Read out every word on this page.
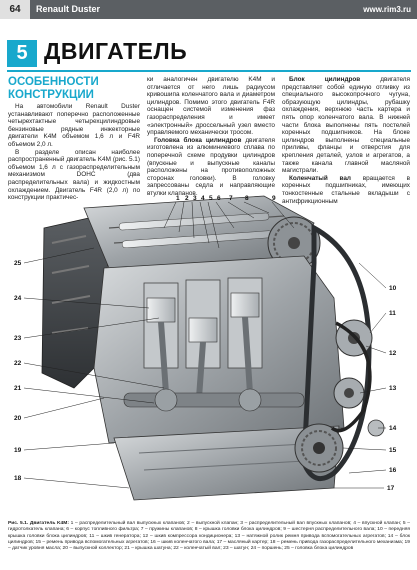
64	Renault Duster	www.rim3.ru
5 ДВИГАТЕЛЬ
ОСОБЕННОСТИ КОНСТРУКЦИИ

На автомобили Renault Duster устанавливают поперечно расположенные четырехтактные четырехцилиндровые бензиновые рядные инжекторные двигатели K4M объемом 1,6 л и F4R объемом 2,0 л.

В разделе описан наиболее распространенный двигатель K4M (рис. 5.1) объемом 1,6 л с газораспределительным механизмом DOHC (два распределительных вала) и жидкостным охлаждением. Двигатель F4R (2,0 л) по конструкции практичес-

ки аналогичен двигателю K4M и отличается от него лишь радиусом кривошипа коленчатого вала и диаметром цилиндров. Помимо этого двигатель F4R оснащен системой изменения фаз газораспределения и имеет «электронный» дроссельный узел вместо управляемого механически тросом.

Головка блока цилиндров двигателя изготовлена из алюминиевого сплава по поперечной схеме продувки цилиндров (впускные и выпускные каналы расположены на противоположных сторонах головки). В головку запрессованы седла и направляющие втулки клапанов.

Блок цилиндров двигателя представляет собой единую отливку из специального высокопрочного чугуна, образующую цилиндры, рубашку охлаждения, верхнюю часть картера и пять опор коленчатого вала. В нижней части блока выполнены пять постелей коренных подшипников. На блоке цилиндров выполнены специальные приливы, фланцы и отверстия для крепления деталей, узлов и агрегатов, а также канала главной масляной магистрали.

Коленчатый вал вращается в коренных подшипниках, имеющих тонкостенные стальные вкладыши с антифрикционным

1 2 3 4 5 6 7 8	9
10
11
12
13
14
15
16
17
18
19
20
21
22
23
24
25
Рис. 5.1. Двигатель K4M: 1 – распределительный вал выпускных клапанов; 2 – выпускной клапан; 3 – распределительный вал впускных клапанов; 4 – впускной клапан; 5 – гидротолкатель клапана; 6 – корпус топливного фильтра; 7 – пружины клапанов; 8 – крышка головки блока цилиндров; 9 – шестерня распределительного вала; 10 – передняя крышка головки блока цилиндров; 11 – шкив генератора; 12 – шкив компрессора кондиционера; 13 – натяжной ролик ремня привода вспомогательных агрегатов; 14 – блок цилиндров; 15 – ремень привода вспомогательных агрегатов; 16 – шкив коленчатого вала; 17 – масляный картер; 18 – ремень привода газораспределительного механизма; 19 – датчик уровня масла; 20 – выпускной коллектор; 21 – крышка шатуна; 22 – коленчатый вал; 23 – шатун; 24 – поршень; 25 – головка блока цилиндров
